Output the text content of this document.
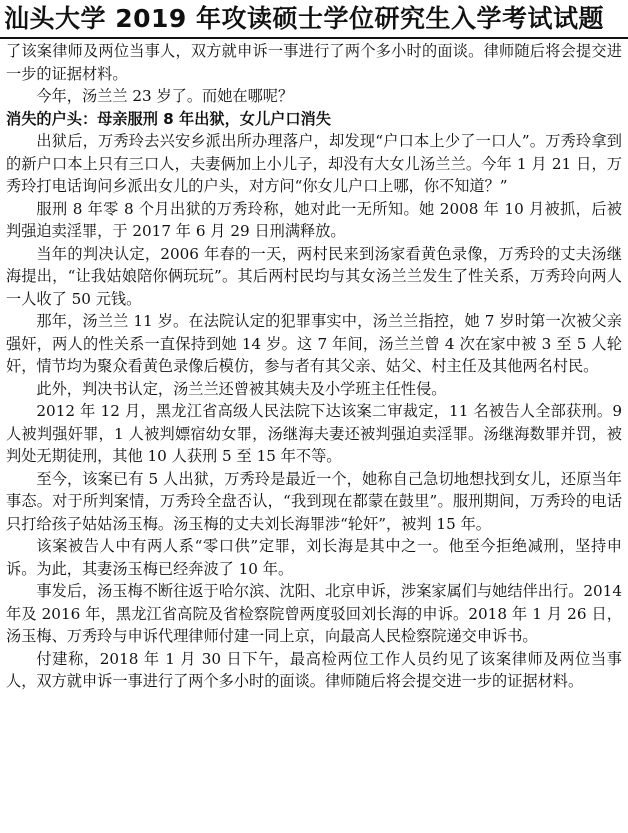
汕头大学 2019 年攻读硕士学位研究生入学考试试题

了该案律师及两位当事人，双方就申诉一事进行了两个多小时的面谈。律师随后将会提交进一步的证据材料。

今年，汤兰兰 23 岁了。而她在哪呢？

消失的户头：母亲服刑 8 年出狱，女儿户口消失

出狱后，万秀玲去兴安乡派出所办理落户，却发现“户口本上少了一口人”。万秀玲拿到的新户口本上只有三口人，夫妻俩加上小儿子，却没有大女儿汤兰兰。今年 1 月 21 日，万秀玲打电话询问乡派出女儿的户头，对方问“你女儿户口上哪，你不知道？”

服刑 8 年零 8 个月出狱的万秀玲称，她对此一无所知。她 2008 年 10 月被抓，后被判强迫卖淫罪，于 2017 年 6 月 29 日刑满释放。

当年的判决认定，2006 年春的一天，两村民来到汤家看黄色录像，万秀玲的丈夫汤继海提出，“让我姑娘陪你俩玩玩”。其后两村民均与其女汤兰兰发生了性关系，万秀玲向两人一人收了 50 元钱。

那年，汤兰兰 11 岁。在法院认定的犯罪事实中，汤兰兰指控，她 7 岁时第一次被父亲强奸，两人的性关系一直保持到她 14 岁。这 7 年间，汤兰兰曾 4 次在家中被 3 至 5 人轮奸，情节均为聚众看黄色录像后模仿，参与者有其父亲、姑父、村主任及其他两名村民。

此外，判决书认定，汤兰兰还曾被其姨夫及小学班主任性侵。

2012 年 12 月，黑龙江省高级人民法院下达该案二审裁定，11 名被告人全部获刑。9 人被判强奸罪，1 人被判嫖宿幼女罪，汤继海夫妻还被判强迫卖淫罪。汤继海数罪并罚，被判处无期徒刑，其他 10 人获刑 5 至 15 年不等。

至今，该案已有 5 人出狱，万秀玲是最近一个，她称自己急切地想找到女儿，还原当年事态。对于所判案情，万秀玲全盘否认，“我到现在都蒙在鼓里”。服刑期间，万秀玲的电话只打给孩子姑姑汤玉梅。汤玉梅的丈夫刘长海罪涉“轮奸”，被判 15 年。

该案被告人中有两人系“零口供”定罪，刘长海是其中之一。他至今拒绝减刑，坚持申诉。为此，其妻汤玉梅已经奔波了 10 年。

事发后，汤玉梅不断往返于哈尔滨、沈阳、北京申诉，涉案家属们与她结伴出行。2014 年及 2016 年，黑龙江省高院及省检察院曾两度驳回刘长海的申诉。2018 年 1 月 26 日，汤玉梅、万秀玲与申诉代理律师付建一同上京，向最高人民检察院递交申诉书。

付建称，2018 年 1 月 30 日下午，最高检两位工作人员约见了该案律师及两位当事人，双方就申诉一事进行了两个多小时的面谈。律师随后将会提交进一步的证据材料。
